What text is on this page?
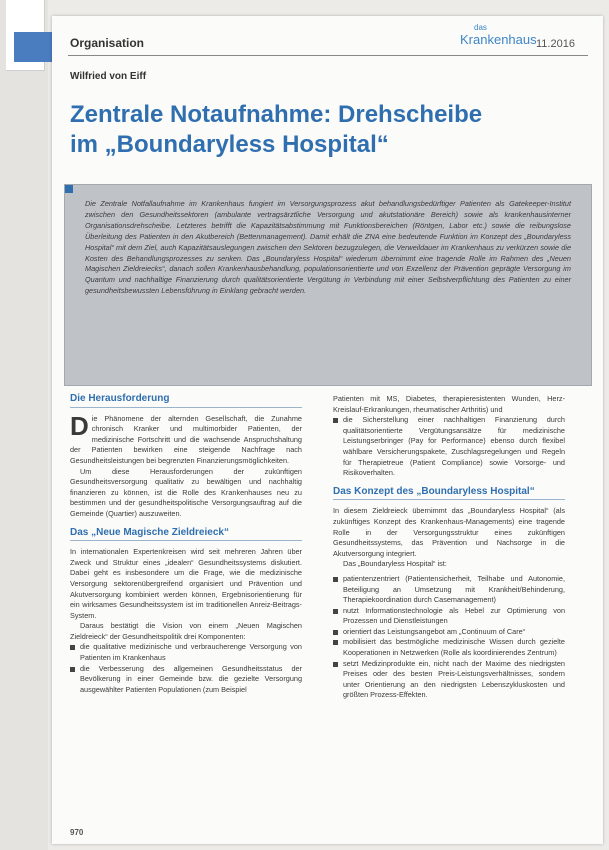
Organisation
das
Krankenhaus 11.2016
Wilfried von Eiff
Zentrale Notaufnahme: Drehscheibe
im „Boundaryless Hospital“

Die Zentrale Notfallaufnahme im Krankenhaus fungiert im Versorgungsprozess akut behandlungsbedürftiger Patienten als Gatekeeper-Institut zwischen den Gesundheitssektoren (ambulante vertragsärztliche Versorgung und akutstationäre Bereich) sowie als krankenhausinterner Organisationsdrehscheibe. Letzteres betrifft die Kapazitätsabstimmung mit Funktionsbereichen (Röntgen, Labor etc.) sowie die reibungslose Überleitung des Patienten in den Akutbereich (Bettenmanagement). Damit erhält die ZNA eine bedeutende Funktion im Konzept des „Boundaryless Hospital“ mit dem Ziel, auch Kapazitätsauslegungen zwischen den Sektoren bezugzulegen, die Verweildauer im Krankenhaus zu verkürzen sowie die Kosten des Behandlungsprozesses zu senken. Das „Boundaryless Hospital“ wiederum übernimmt eine tragende Rolle im Rahmen des „Neuen Magischen Zieldreiecks“, danach sollen Krankenhausbehandlung, populationsorientierte und von Exzellenz der Prävention geprägte Versorgung im Quantum und nachhaltige Finanzierung durch qualitätsorientierte Vergütung in Verbindung mit einer Selbstverpflichtung des Patienten zu einer gesundheitsbewussten Lebensführung in Einklang gebracht werden.

Die Herausforderung

Die Phänomene der alternden Gesellschaft, die Zunahme chronisch Kranker und multimorbider Patienten, der medizinische Fortschritt und die wachsende Anspruchshaltung der Patienten bewirken eine steigende Nachfrage nach Gesundheitsleistungen bei begrenzten Finanzierungsmöglichkeiten.

Um diese Herausforderungen der zukünftigen Gesundheitsversorgung qualitativ zu bewältigen und nachhaltig finanzieren zu können, ist die Rolle des Krankenhauses neu zu bestimmen und der gesundheitspolitische Versorgungsauftrag auf die Gemeinde (Quartier) auszuweiten.

Das „Neue Magische Zieldreieck“

In internationalen Expertenkreisen wird seit mehreren Jahren über Zweck und Struktur eines „idealen“ Gesundheitssystems diskutiert. Dabei geht es insbesondere um die Frage, wie die medizinische Versorgung sektorenübergreifend organisiert und Prävention und Akutversorgung kombiniert werden können, Ergebnisorientierung für ein wirksames Gesundheitssystem ist im traditionellen Anreiz-Beitrags-System.

Daraus bestätigt die Vision von einem „Neuen Magischen Zieldreieck“ der Gesundheitspolitik drei Komponenten:

die qualitative medizinische und verbraucherenge Versorgung von Patienten im Krankenhaus
die Verbesserung des allgemeinen Gesundheitsstatus der Bevölkerung in einer Gemeinde bzw. die gezielte Versorgung ausgewählter Patienten Populationen (zum Beispiel

Patienten mit MS, Diabetes, therapieresistenten Wunden, Herz-Kreislauf-Erkrankungen, rheumatischer Arthritis) und

die Sicherstellung einer nachhaltigen Finanzierung durch qualitätsorientierte Vergütungsansätze für medizinische Leistungserbringer (Pay for Performance) ebenso durch flexibel wählbare Versicherungspakete, Zuschlagsregelungen und Regeln für Therapietreue (Patient Compliance) sowie Vorsorge- und Risikoverhalten.
Das Konzept des „Boundaryless Hospital“

In diesem Zieldreieck übernimmt das „Boundaryless Hospital“ (als zukünftiges Konzept des Krankenhaus-Managements) eine tragende Rolle in der Versorgungsstruktur eines zukünftigen Gesundheitssystems, das Prävention und Nachsorge in die Akutversorgung integriert.

Das „Boundaryless Hospital“ ist:

patientenzentriert (Patientensicherheit, Teilhabe und Autonomie, Beteiligung an Umsetzung mit Krankheit/Behinderung, Therapiekoordination durch Casemanagement)
nutzt Informationstechnologie als Hebel zur Optimierung von Prozessen und Dienstleistungen
orientiert das Leistungsangebot am „Continuum of Care“
mobilisiert das bestmögliche medizinische Wissen durch gezielte Kooperationen in Netzwerken (Rolle als koordinierendes Zentrum)
setzt Medizinprodukte ein, nicht nach der Maxime des niedrigsten Preises oder des besten Preis-Leistungsverhältnisses, sondern unter Orientierung an den niedrigsten Lebenszykluskosten und größten Prozess-Effekten.
970
